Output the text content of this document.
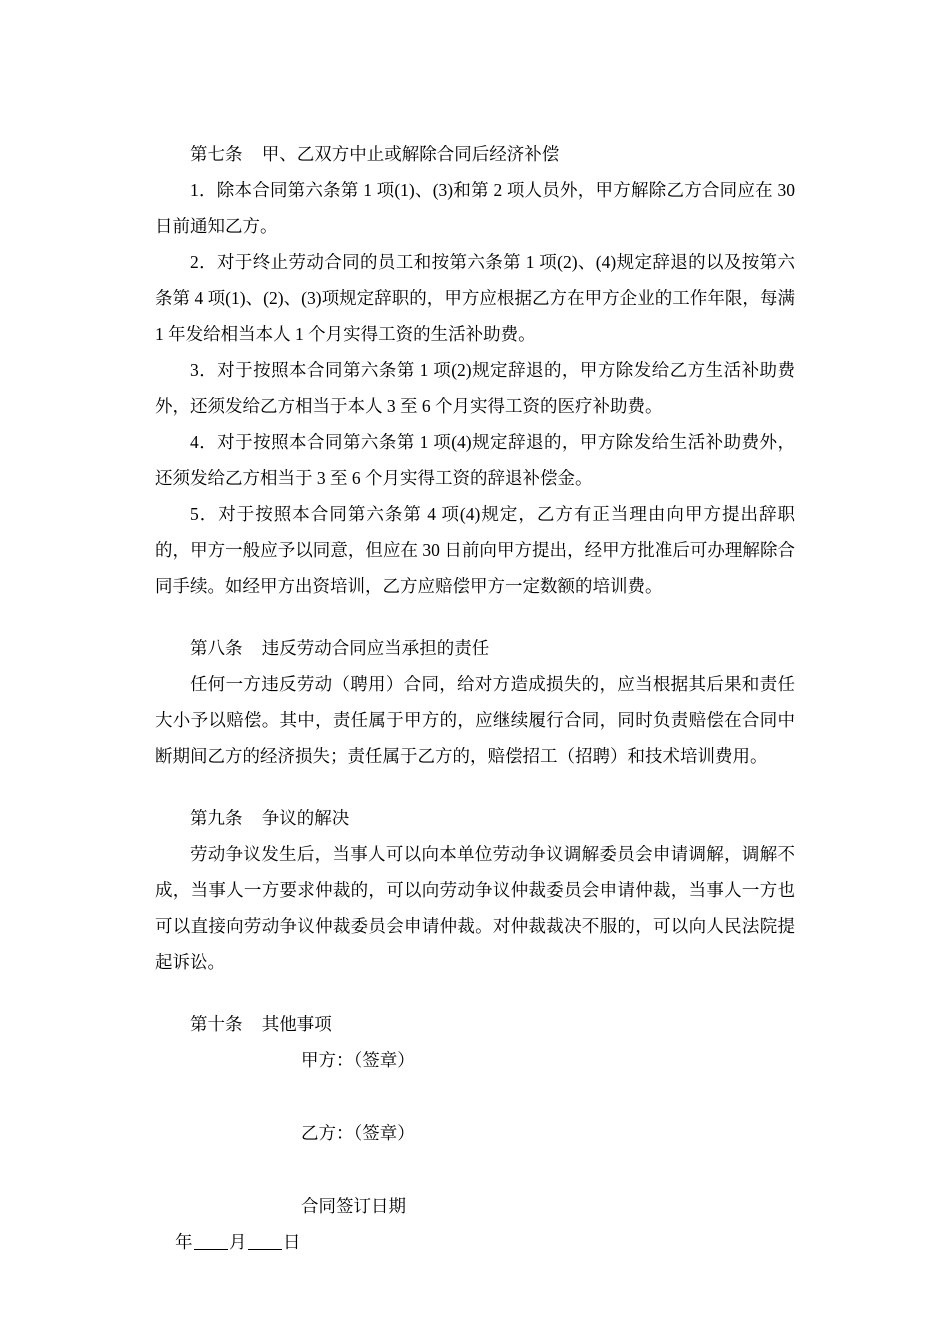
第七条 甲、乙双方中止或解除合同后经济补偿

1．除本合同第六条第 1 项(1)、(3)和第 2 项人员外，甲方解除乙方合同应在 30 日前通知乙方。

2．对于终止劳动合同的员工和按第六条第 1 项(2)、(4)规定辞退的以及按第六条第 4 项(1)、(2)、(3)项规定辞职的，甲方应根据乙方在甲方企业的工作年限，每满 1 年发给相当本人 1 个月实得工资的生活补助费。

3．对于按照本合同第六条第 1 项(2)规定辞退的，甲方除发给乙方生活补助费外，还须发给乙方相当于本人 3 至 6 个月实得工资的医疗补助费。

4．对于按照本合同第六条第 1 项(4)规定辞退的，甲方除发给生活补助费外，还须发给乙方相当于 3 至 6 个月实得工资的辞退补偿金。

5．对于按照本合同第六条第 4 项(4)规定，乙方有正当理由向甲方提出辞职的，甲方一般应予以同意，但应在 30 日前向甲方提出，经甲方批准后可办理解除合同手续。如经甲方出资培训，乙方应赔偿甲方一定数额的培训费。

第八条 违反劳动合同应当承担的责任

任何一方违反劳动（聘用）合同，给对方造成损失的，应当根据其后果和责任大小予以赔偿。其中，责任属于甲方的，应继续履行合同，同时负责赔偿在合同中断期间乙方的经济损失；责任属于乙方的，赔偿招工（招聘）和技术培训费用。

第九条 争议的解决

劳动争议发生后，当事人可以向本单位劳动争议调解委员会申请调解，调解不成，当事人一方要求仲裁的，可以向劳动争议仲裁委员会申请仲裁，当事人一方也可以直接向劳动争议仲裁委员会申请仲裁。对仲裁裁决不服的，可以向人民法院提起诉讼。

第十条 其他事项

甲方：（签章）

乙方：（签章）

合同签订日期

年 月 日
